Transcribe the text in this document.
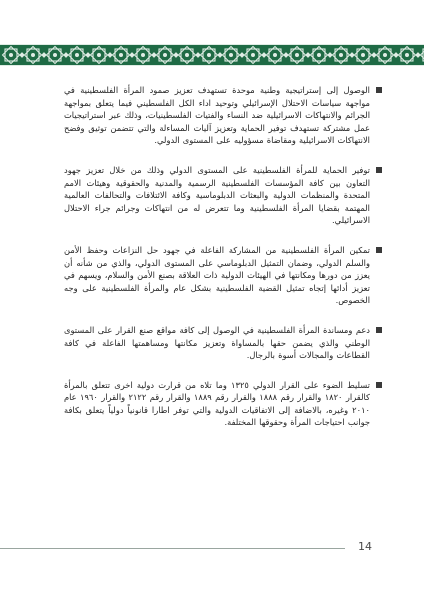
الوصول إلى إستراتيجية وطنية موحدة تستهدف تعزيز صمود المرأة الفلسطينية في مواجهة سياسات الاحتلال الإسرائيلي وتوحيد اداء الكل الفلسطيني فيما يتعلق بمواجهة الجرائم والانتهاكات الاسرائيلية ضد النساء والفتيات الفلسطينيات، وذلك عبر استراتيجيات عمل مشتركة تستهدف توفير الحماية وتعزيز آليات المساءلة والتي تتضمن توثيق وفضح الانتهاكات الاسرائيلية ومقاضاة مسؤوليه على المستوى الدولي.
توفير الحماية للمرأة الفلسطينية على المستوى الدولي وذلك من خلال تعزيز جهود التعاون بين كافة المؤسسات الفلسطينية الرسمية والمدنية والحقوقية وهيئات الامم المتحدة والمنظمات الدولية والبعثات الدبلوماسية وكافة الائتلافات والتحالفات العالمية المهتمة بقضايا المرأة الفلسطينية وما تتعرض له من انتهاكات وجرائم جراء الاحتلال الاسرائيلي.
تمكين المرأة الفلسطينية من المشاركة الفاعلة في جهود حل النزاعات وحفظ الأمن والسلم الدولي، وضمان التمثيل الدبلوماسي على المستوى الدولي، والذي من شأنه أن يعزز من دورها ومكانتها في الهيئات الدولية ذات العلاقة بصنع الأمن والسلام، ويسهم في تعزيز أدائها إتجاه تمثيل القضية الفلسطينية بشكل عام والمرأة الفلسطينية على وجه الخصوص.
دعم ومساندة المرأة الفلسطينية في الوصول إلى كافة مواقع صنع القرار على المستوى الوطني والذي يضمن حقها بالمساواة وتعزيز مكانتها ومساهمتها الفاعلة في كافة القطاعات والمجالات أسوة بالرجال.
تسليط الضوء على القرار الدولي ١٣٢٥ وما تلاه من قرارت دولية اخرى تتعلق بالمرأة كالقرار ١٨٢٠ والقرار رقم ١٨٨٨ والقرار رقم ١٨٨٩ والقرار رقم ٢١٢٢ والقرار ١٩٦٠ عام ٢٠١٠ وغيره، بالاضافة إلى الاتفاقيات الدولية والتي توفر اطارا قانونياً دولياً يتعلق بكافة جوانب احتياجات المرأة وحقوقها المختلفة.
14
